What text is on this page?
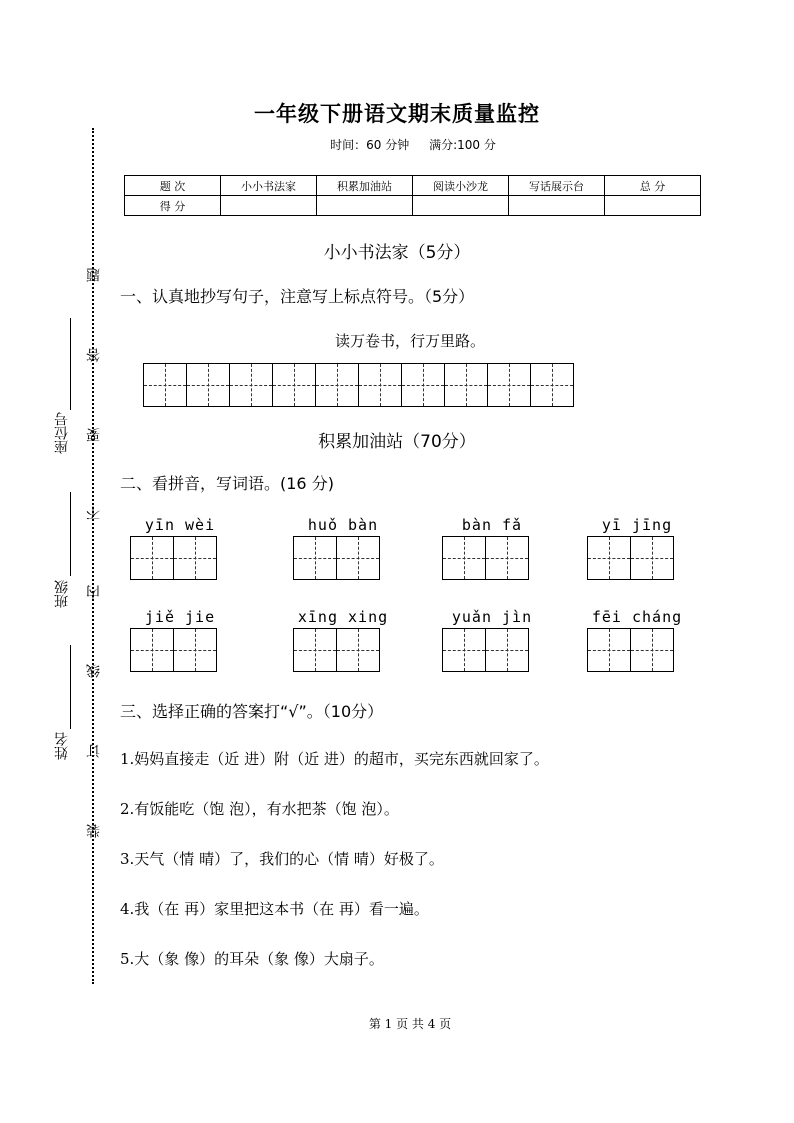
题
答
要
不
内
线
订
装
座位号
班级
姓名
一年级下册语文期末质量监控
时间：60 分钟 满分:100 分
题 次	小小书法家	积累加油站	阅读小沙龙	写话展示台	总 分
得 分					
小小书法家（5分）
一、认真地抄写句子，注意写上标点符号。（5分）
读万卷书，行万里路。
积累加油站（70分）
二、看拼音，写词语。(16 分)
yīn wèi	huǒ bàn	bàn fǎ	yī jīng
jiě jie	xīng xing	yuǎn jìn	fēi cháng
三、选择正确的答案打“√”。（10分）
1.妈妈直接走（近 进）附（近 进）的超市，买完东西就回家了。
2.有饭能吃（饱 泡），有水把茶（饱 泡）。
3.天气（情 晴）了，我们的心（情 晴）好极了。
4.我（在 再）家里把这本书（在 再）看一遍。
5.大（象 像）的耳朵（象 像）大扇子。
第 1 页 共 4 页
